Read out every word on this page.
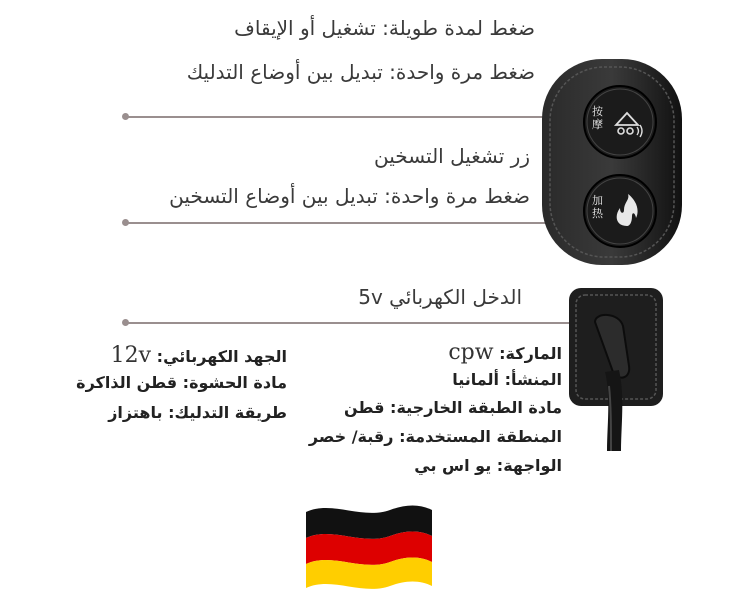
ضغط لمدة طويلة: تشغيل أو الإيقاف
ضغط مرة واحدة: تبديل بين أوضاع التدليك
زر تشغيل التسخين
ضغط مرة واحدة: تبديل بين أوضاع التسخين
الدخل الكهربائي 5v
按摩
加热
الجهد الكهربائي: 12v
مادة الحشوة: قطن الذاكرة
طريقة التدليك: باهتزاز
الماركة: cpw
المنشأ: ألمانيا
مادة الطبقة الخارجية: قطن
المنطقة المستخدمة: رقبة/ خصر
الواجهة: يو اس بي
